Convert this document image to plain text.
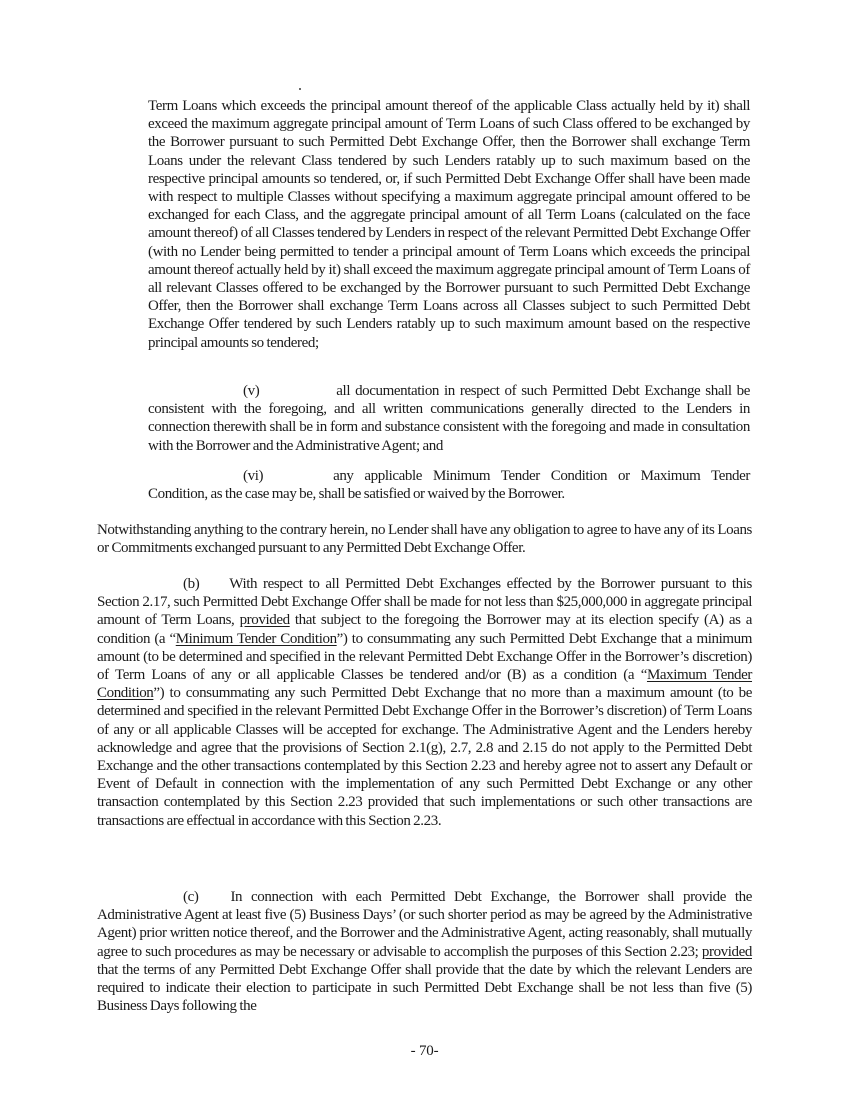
Term Loans which exceeds the principal amount thereof of the applicable Class actually held by it) shall exceed the maximum aggregate principal amount of Term Loans of such Class offered to be exchanged by the Borrower pursuant to such Permitted Debt Exchange Offer, then the Borrower shall exchange Term Loans under the relevant Class tendered by such Lenders ratably up to such maximum based on the respective principal amounts so tendered, or, if such Permitted Debt Exchange Offer shall have been made with respect to multiple Classes without specifying a maximum aggregate principal amount offered to be exchanged for each Class, and the aggregate principal amount of all Term Loans (calculated on the face amount thereof) of all Classes tendered by Lenders in respect of the relevant Permitted Debt Exchange Offer (with no Lender being permitted to tender a principal amount of Term Loans which exceeds the principal amount thereof actually held by it) shall exceed the maximum aggregate principal amount of Term Loans of all relevant Classes offered to be exchanged by the Borrower pursuant to such Permitted Debt Exchange Offer, then the Borrower shall exchange Term Loans across all Classes subject to such Permitted Debt Exchange Offer tendered by such Lenders ratably up to such maximum amount based on the respective principal amounts so tendered;

(v)	all documentation in respect of such Permitted Debt Exchange shall be consistent with the foregoing, and all written communications generally directed to the Lenders in connection therewith shall be in form and substance consistent with the foregoing and made in consultation with the Borrower and the Administrative Agent; and

(vi)	any applicable Minimum Tender Condition or Maximum Tender Condition, as the case may be, shall be satisfied or waived by the Borrower.

Notwithstanding anything to the contrary herein, no Lender shall have any obligation to agree to have any of its Loans or Commitments exchanged pursuant to any Permitted Debt Exchange Offer.

(b) With respect to all Permitted Debt Exchanges effected by the Borrower pursuant to this Section 2.17, such Permitted Debt Exchange Offer shall be made for not less than $25,000,000 in aggregate principal amount of Term Loans, provided that subject to the foregoing the Borrower may at its election specify (A) as a condition (a “Minimum Tender Condition”) to consummating any such Permitted Debt Exchange that a minimum amount (to be determined and specified in the relevant Permitted Debt Exchange Offer in the Borrower’s discretion) of Term Loans of any or all applicable Classes be tendered and/or (B) as a condition (a “Maximum Tender Condition”) to consummating any such Permitted Debt Exchange that no more than a maximum amount (to be determined and specified in the relevant Permitted Debt Exchange Offer in the Borrower’s discretion) of Term Loans of any or all applicable Classes will be accepted for exchange. The Administrative Agent and the Lenders hereby acknowledge and agree that the provisions of Section 2.1(g), 2.7, 2.8 and 2.15 do not apply to the Permitted Debt Exchange and the other transactions contemplated by this Section 2.23 and hereby agree not to assert any Default or Event of Default in connection with the implementation of any such Permitted Debt Exchange or any other transaction contemplated by this Section 2.23 provided that such implementations or such other transactions are transactions are effectual in accordance with this Section 2.23.

(c) In connection with each Permitted Debt Exchange, the Borrower shall provide the Administrative Agent at least five (5) Business Days’ (or such shorter period as may be agreed by the Administrative Agent) prior written notice thereof, and the Borrower and the Administrative Agent, acting reasonably, shall mutually agree to such procedures as may be necessary or advisable to accomplish the purposes of this Section 2.23; provided that the terms of any Permitted Debt Exchange Offer shall provide that the date by which the relevant Lenders are required to indicate their election to participate in such Permitted Debt Exchange shall be not less than five (5) Business Days following the

- 70-
